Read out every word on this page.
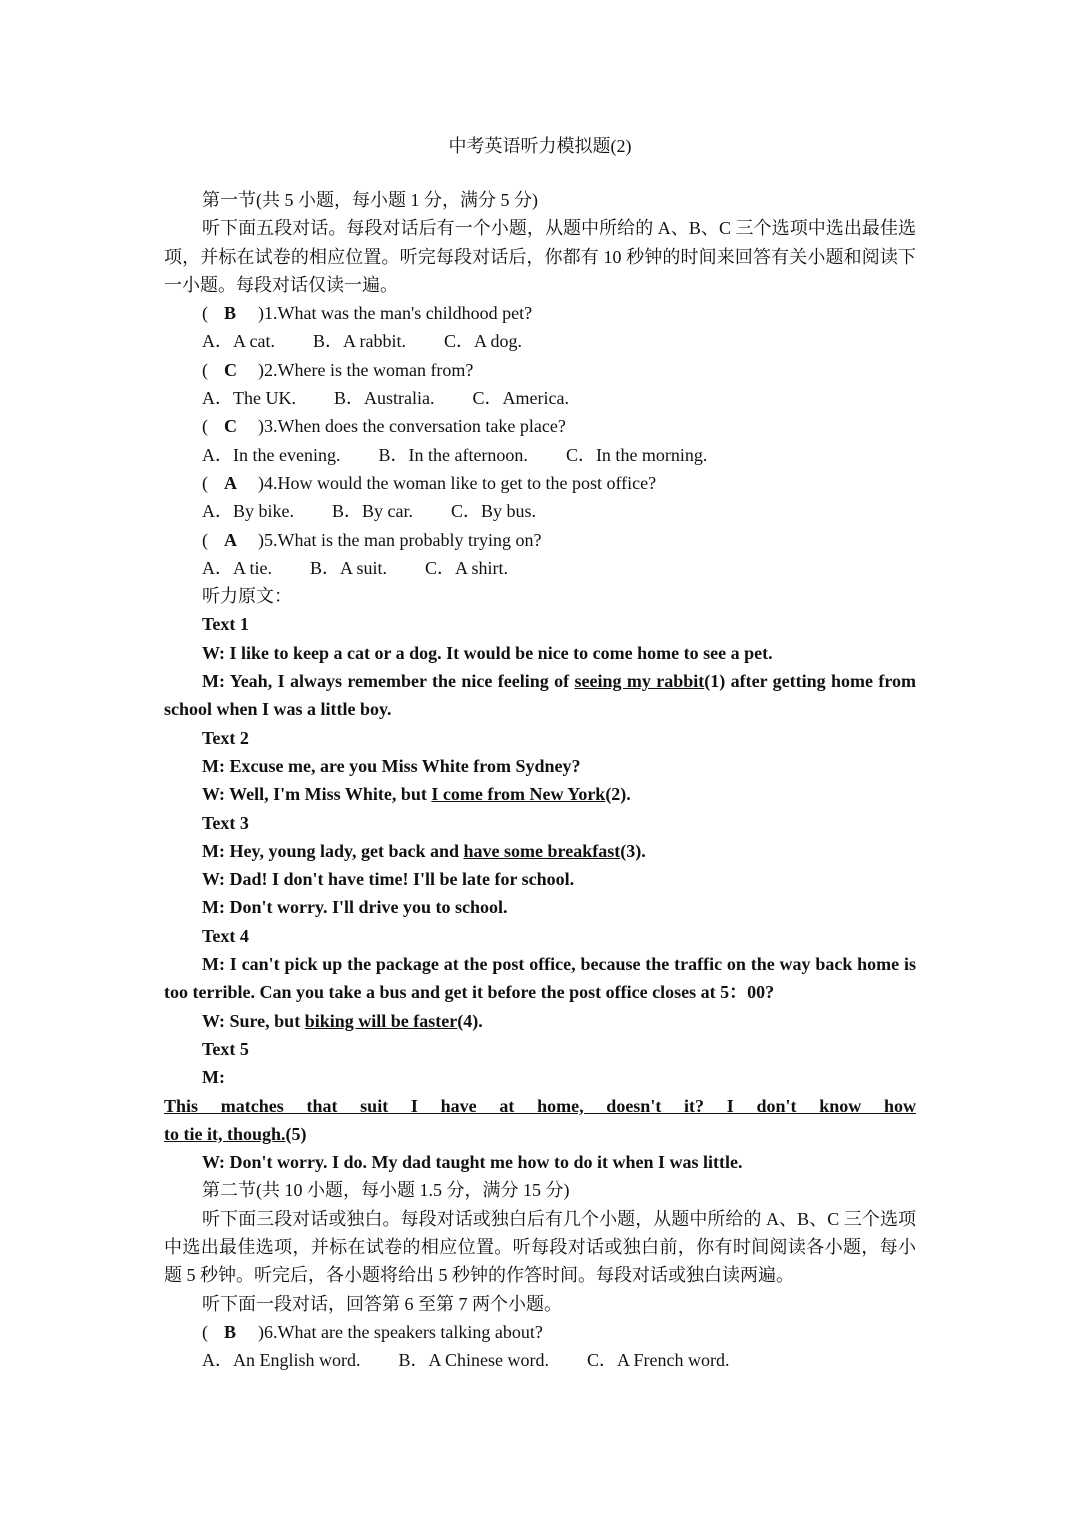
中考英语听力模拟题(2)
第一节(共 5 小题，每小题 1 分，满分 5 分)
听下面五段对话。每段对话后有一个小题，从题中所给的 A、B、C 三个选项中选出最佳选项，并标在试卷的相应位置。听完每段对话后，你都有 10 秒钟的时间来回答有关小题和阅读下一小题。每段对话仅读一遍。
( B )1.What was the man's childhood pet?
A．A cat. B．A rabbit. C．A dog.
( C )2.Where is the woman from?
A．The UK. B．Australia. C．America.
( C )3.When does the conversation take place?
A．In the evening. B．In the afternoon. C．In the morning.
( A )4.How would the woman like to get to the post office?
A．By bike. B．By car. C．By bus.
( A )5.What is the man probably trying on?
A．A tie. B．A suit. C．A shirt.
听力原文：
Text 1
W: I like to keep a cat or a dog. It would be nice to come home to see a pet.
M: Yeah, I always remember the nice feeling of seeing my rabbit(1) after getting home from school when I was a little boy.
Text 2
M: Excuse me, are you Miss White from Sydney?
W: Well, I'm Miss White, but I come from New York(2).
Text 3
M: Hey, young lady, get back and have some breakfast(3).
W: Dad! I don't have time! I'll be late for school.
M: Don't worry. I'll drive you to school.
Text 4
M: I can't pick up the package at the post office, because the traffic on the way back home is too terrible. Can you take a bus and get it before the post office closes at 5：00?
W: Sure, but biking will be faster(4).
Text 5
M:
This matches that suit I have at home, doesn't it? I don't know how
to tie it, though.(5)
W: Don't worry. I do. My dad taught me how to do it when I was little.
第二节(共 10 小题，每小题 1.5 分，满分 15 分)
听下面三段对话或独白。每段对话或独白后有几个小题，从题中所给的 A、B、C 三个选项中选出最佳选项，并标在试卷的相应位置。听每段对话或独白前，你有时间阅读各小题，每小题 5 秒钟。听完后，各小题将给出 5 秒钟的作答时间。每段对话或独白读两遍。
听下面一段对话，回答第 6 至第 7 两个小题。
( B )6.What are the speakers talking about?
A．An English word. B．A Chinese word. C．A French word.
